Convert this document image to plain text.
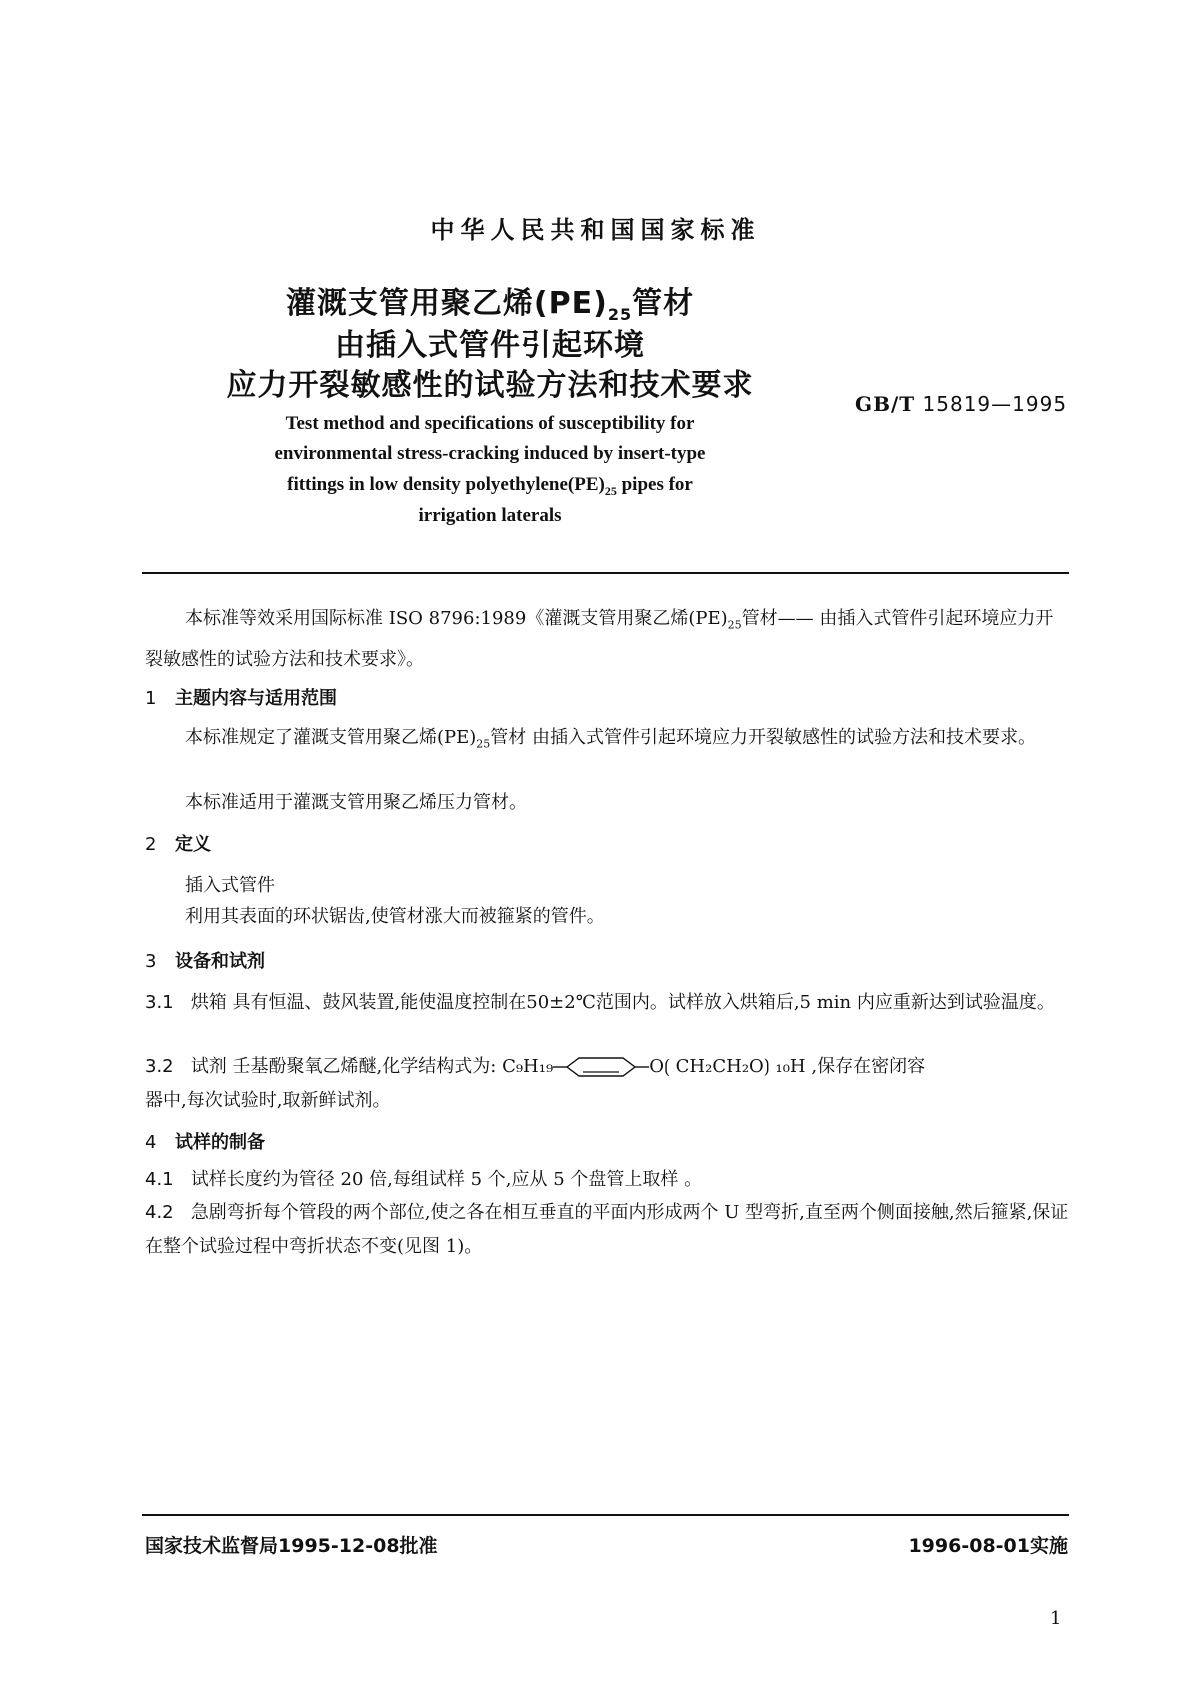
中华人民共和国国家标准
灌溉支管用聚乙烯$(PE)_{25}$管材
由插入式管件引起环境
应力开裂敏感性的试验方法和技术要求
GB/T 15819—1995
Test method and specifications of susceptibility for
environmental stress-cracking induced by insert-type
fittings in low density $polyethylene(PE)_{25}$ pipes for
irrigation laterals
本标准等效采用国际标准 ISO 8796:1989《灌溉支管用聚乙烯$(PE)_{25}$管材—— 由插入式管件引起环境应力开裂敏感性的试验方法和技术要求》。
1 主题内容与适用范围
本标准规定了灌溉支管用聚乙烯$(PE)_{25}$管材 由插入式管件引起环境应力开裂敏感性的试验方法和技术要求。
本标准适用于灌溉支管用聚乙烯压力管材。
2 定义
插入式管件
利用其表面的环状锯齿,使管材涨大而被箍紧的管件。
3 设备和试剂
3.1 烘箱 具有恒温、鼓风装置,能使温度控制在50±2℃范围内。试样放入烘箱后,5 min 内应重新达到试验温度。
3.2 试剂 壬基酚聚氧乙烯醚,化学结构式为: C₉H₁₉	O⟮ CH₂CH₂O⟯ ₁₀H ,保存在密闭容
器中,每次试验时,取新鲜试剂。
4 试样的制备
4.1 试样长度约为管径 20 倍,每组试样 5 个,应从 5 个盘管上取样 。
4.2 急剧弯折每个管段的两个部位,使之各在相互垂直的平面内形成两个 U 型弯折,直至两个侧面接触,然后箍紧,保证在整个试验过程中弯折状态不变(见图 1)。
国家技术监督局1995-12-08批准	1996-08-01实施
1
